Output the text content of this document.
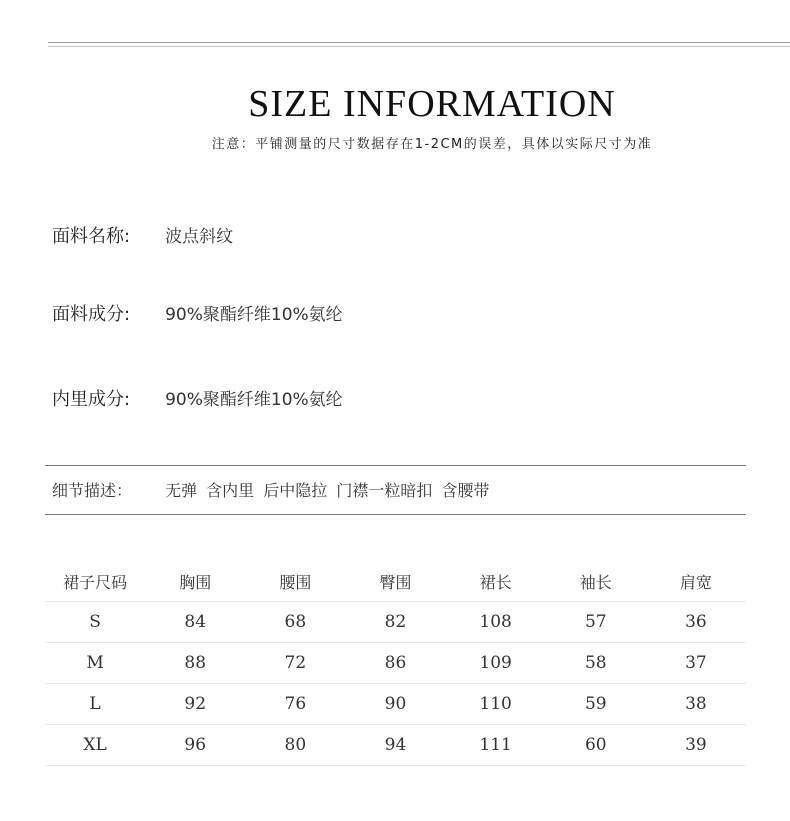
SIZE INFORMATION
注意：平铺测量的尺寸数据存在1-2CM的误差，具体以实际尺寸为准
面料名称: 波点斜纹
面料成分: 90%聚酯纤维10%氨纶
内里成分: 90%聚酯纤维10%氨纶
细节描述： 无弹 含内里 后中隐拉 门襟一粒暗扣 含腰带
裙子尺码	胸围	腰围	臀围	裙长	袖长	肩宽
S	84	68	82	108	57	36
M	88	72	86	109	58	37
L	92	76	90	110	59	38
XL	96	80	94	111	60	39
